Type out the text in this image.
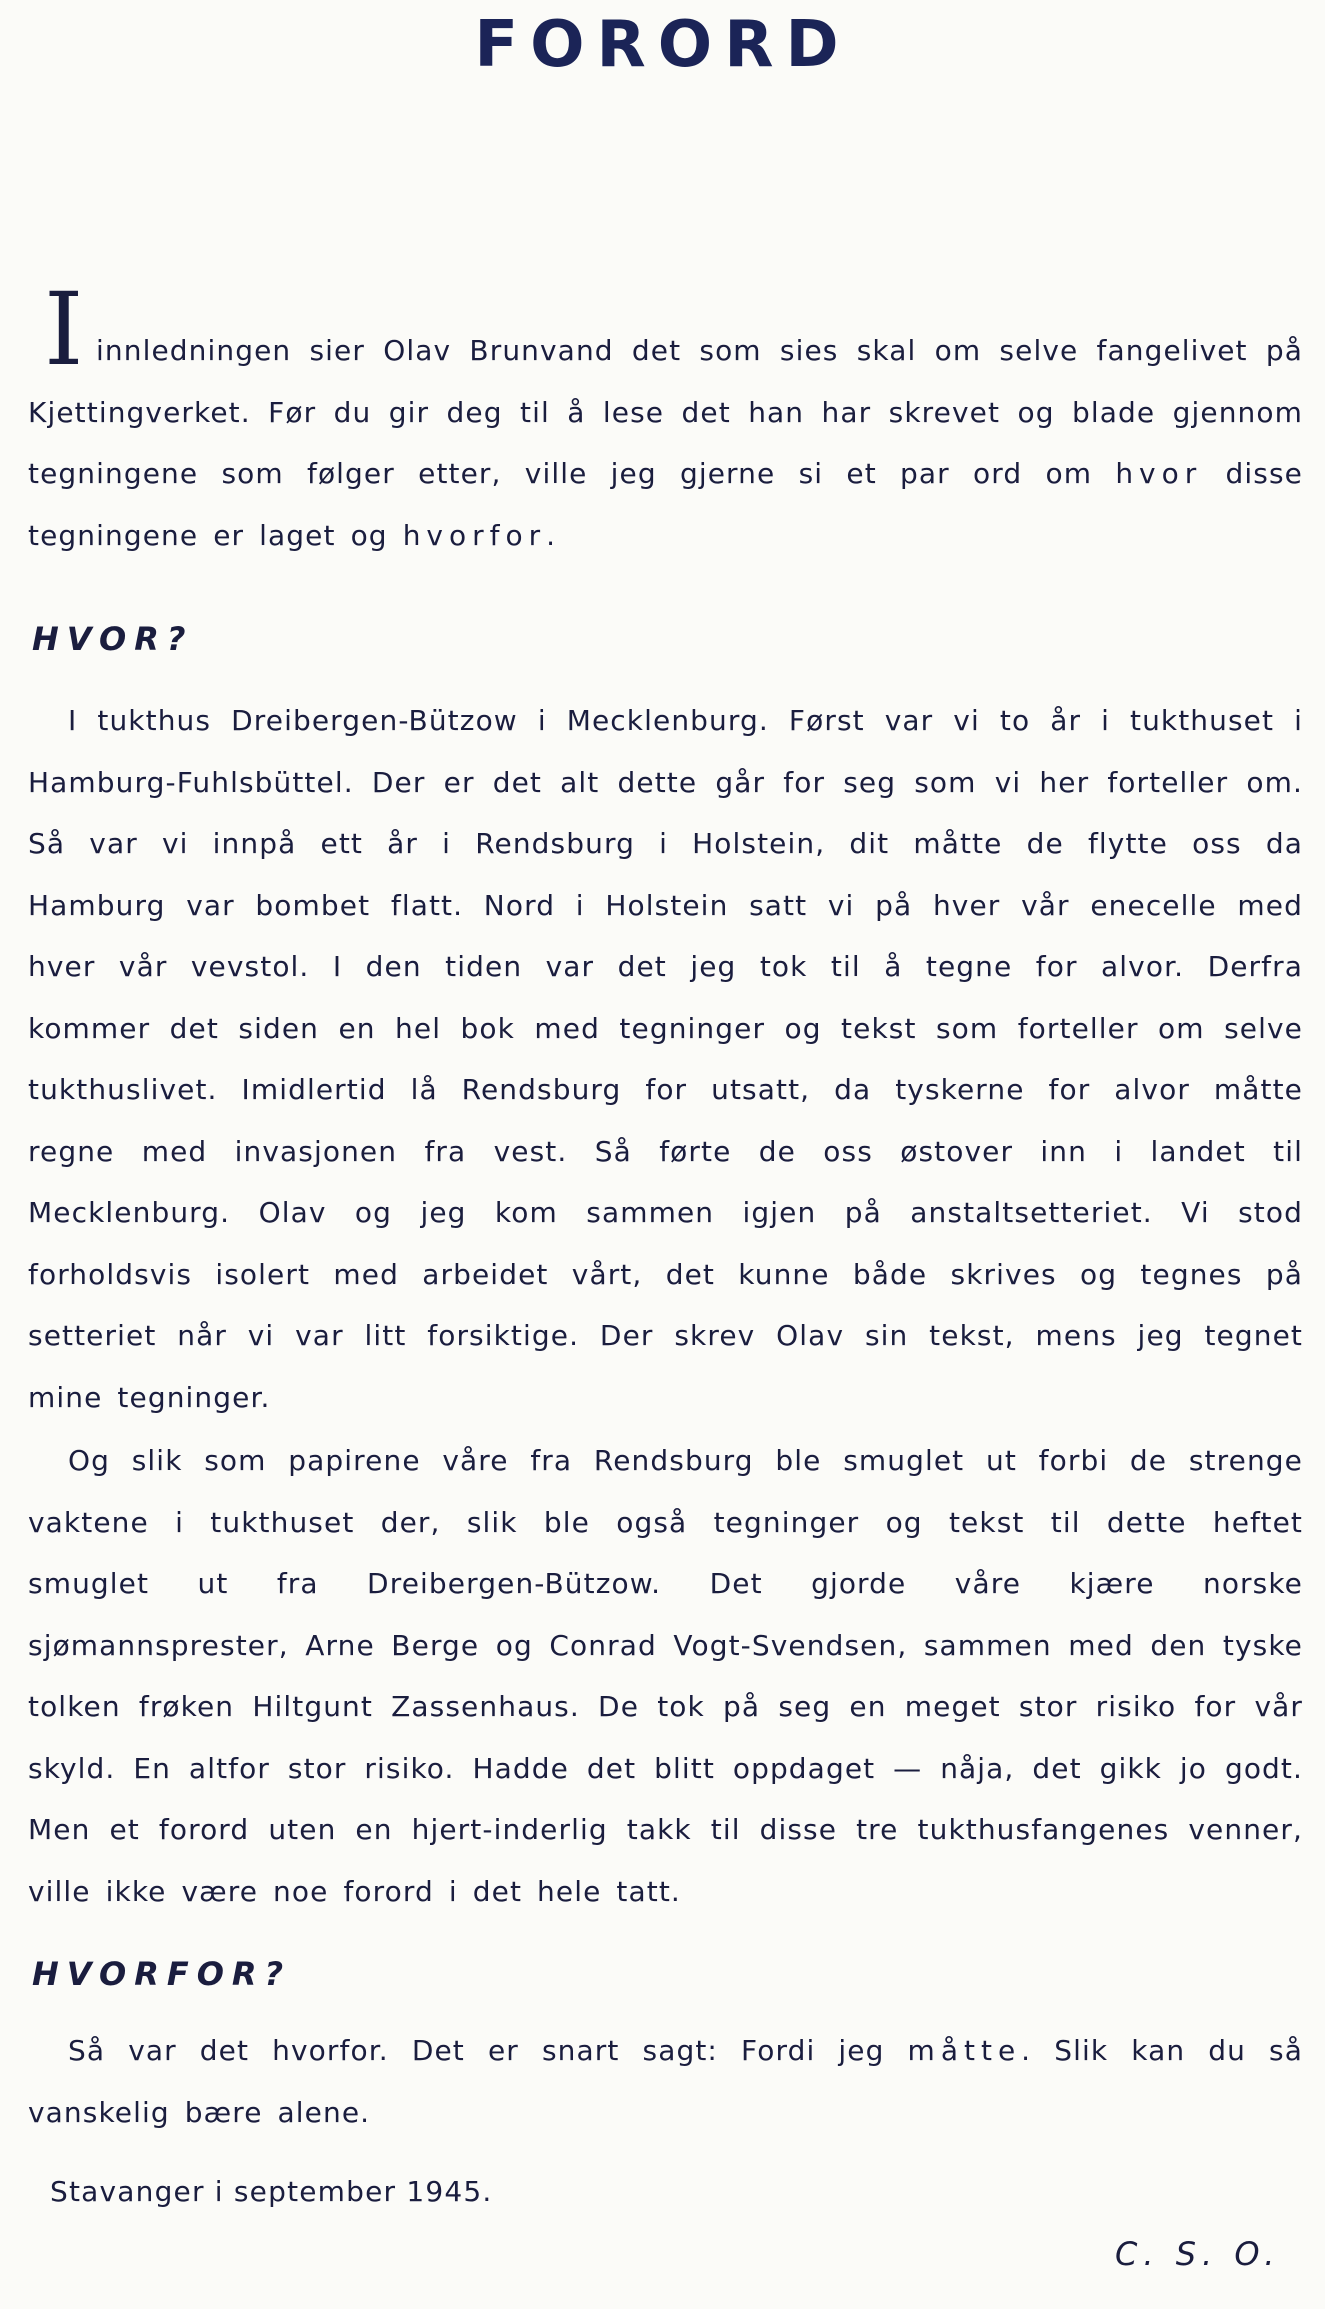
FORORD
I innledningen sier Olav Brunvand det som sies skal om selve fangelivet på Kjettingverket. Før du gir deg til å lese det han har skrevet og blade gjennom tegningene som følger etter, ville jeg gjerne si et par ord om hvor disse tegningene er laget og hvorfor.

HVOR?

I tukthus Dreibergen-Bützow i Mecklenburg. Først var vi to år i tukthuset i Hamburg-Fuhlsbüttel. Der er det alt dette går for seg som vi her forteller om. Så var vi innpå ett år i Rendsburg i Holstein, dit måtte de flytte oss da Hamburg var bombet flatt. Nord i Holstein satt vi på hver vår enecelle med hver vår vevstol. I den tiden var det jeg tok til å tegne for alvor. Derfra kommer det siden en hel bok med tegninger og tekst som forteller om selve tukthuslivet. Imidlertid lå Rendsburg for utsatt, da tyskerne for alvor måtte regne med invasjonen fra vest. Så førte de oss østover inn i landet til Mecklenburg. Olav og jeg kom sammen igjen på anstaltsetteriet. Vi stod forholdsvis isolert med arbeidet vårt, det kunne både skrives og tegnes på setteriet når vi var litt forsiktige. Der skrev Olav sin tekst, mens jeg tegnet mine tegninger.

Og slik som papirene våre fra Rendsburg ble smuglet ut forbi de strenge vaktene i tukthuset der, slik ble også tegninger og tekst til dette heftet smuglet ut fra Dreibergen-Bützow. Det gjorde våre kjære norske sjømannsprester, Arne Berge og Conrad Vogt-Svendsen, sammen med den tyske tolken frøken Hiltgunt Zassenhaus. De tok på seg en meget stor risiko for vår skyld. En altfor stor risiko. Hadde det blitt oppdaget — nåja, det gikk jo godt. Men et forord uten en hjert-inderlig takk til disse tre tukthusfangenes venner, ville ikke være noe forord i det hele tatt.

HVORFOR?

Så var det hvorfor. Det er snart sagt: Fordi jeg måtte. Slik kan du så vanskelig bære alene.

Stavanger i september 1945.

C. S. O.
